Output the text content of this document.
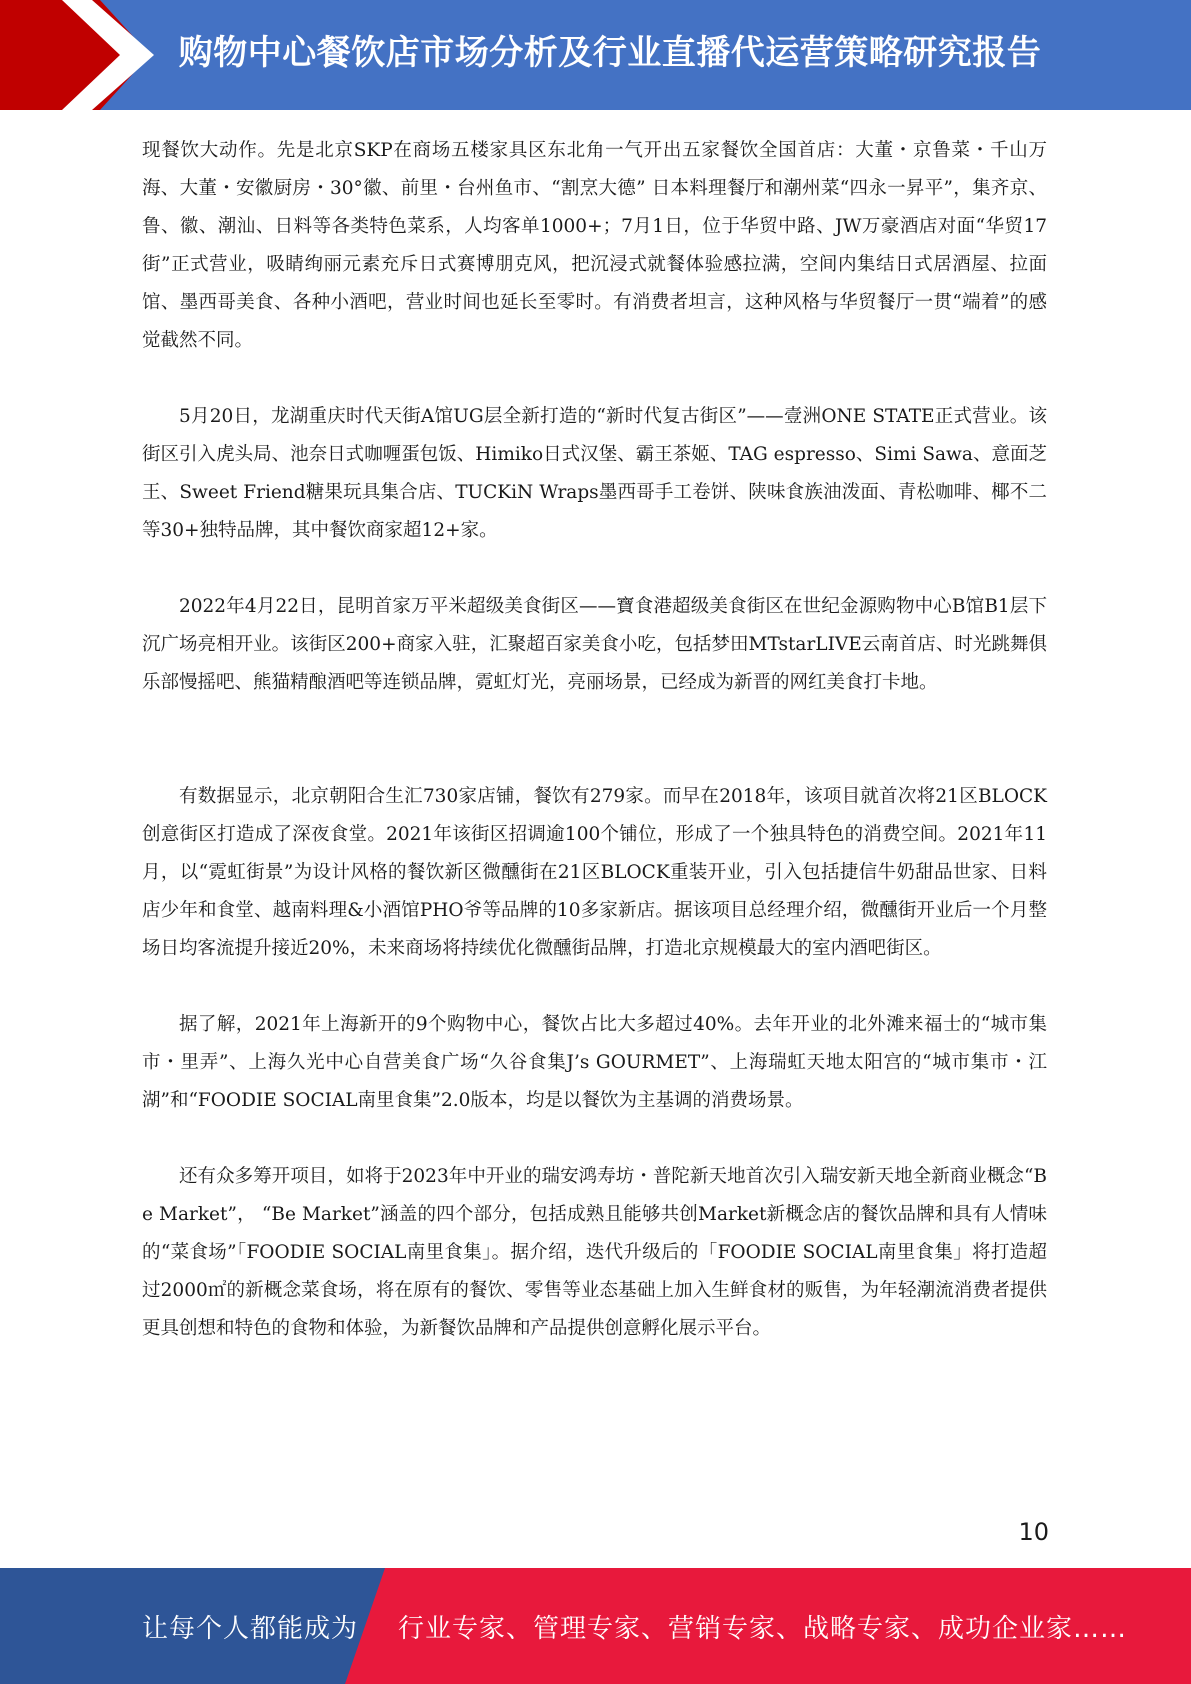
购物中心餐饮店市场分析及行业直播代运营策略研究报告

现餐饮大动作。先是北京SKP在商场五楼家具区东北角一气开出五家餐饮全国首店：大董・京鲁菜・千山万海、大董・安徽厨房・30°徽、前里・台州鱼市、“割烹大德” 日本料理餐厅和潮州菜“四永一昇平”，集齐京、鲁、徽、潮汕、日料等各类特色菜系，人均客单1000+；7月1日，位于华贸中路、JW万豪酒店对面“华贸17街”正式营业，吸睛绚丽元素充斥日式赛博朋克风，把沉浸式就餐体验感拉满，空间内集结日式居酒屋、拉面馆、墨西哥美食、各种小酒吧，营业时间也延长至零时。有消费者坦言，这种风格与华贸餐厅一贯“端着”的感觉截然不同。

5月20日，龙湖重庆时代天街A馆UG层全新打造的“新时代复古街区”——壹洲ONE STATE正式营业。该街区引入虎头局、池奈日式咖喱蛋包饭、Himiko日式汉堡、霸王茶姬、TAG espresso、Simi Sawa、意面芝王、Sweet Friend糖果玩具集合店、TUCKiN Wraps墨西哥手工卷饼、陕味食族油泼面、青松咖啡、椰不二等30+独特品牌，其中餐饮商家超12+家。

2022年4月22日，昆明首家万平米超级美食街区——寶食港超级美食街区在世纪金源购物中心B馆B1层下沉广场亮相开业。该街区200+商家入驻，汇聚超百家美食小吃，包括梦田MTstarLIVE云南首店、时光跳舞俱乐部慢摇吧、熊猫精酿酒吧等连锁品牌，霓虹灯光，亮丽场景，已经成为新晋的网红美食打卡地。

有数据显示，北京朝阳合生汇730家店铺，餐饮有279家。而早在2018年，该项目就首次将21区BLOCK创意街区打造成了深夜食堂。2021年该街区招调逾100个铺位，形成了一个独具特色的消费空间。2021年11月，以“霓虹街景”为设计风格的餐饮新区微醺街在21区BLOCK重装开业，引入包括捷信牛奶甜品世家、日料店少年和食堂、越南料理&小酒馆PHO爷等品牌的10多家新店。据该项目总经理介绍，微醺街开业后一个月整场日均客流提升接近20%，未来商场将持续优化微醺街品牌，打造北京规模最大的室内酒吧街区。

据了解，2021年上海新开的9个购物中心，餐饮占比大多超过40%。去年开业的北外滩来福士的“城市集市・里弄”、上海久光中心自营美食广场“久谷食集J’s GOURMET”、上海瑞虹天地太阳宫的“城市集市・江湖”和“FOODIE SOCIAL南里食集”2.0版本，均是以餐饮为主基调的消费场景。

还有众多筹开项目，如将于2023年中开业的瑞安鸿寿坊・普陀新天地首次引入瑞安新天地全新商业概念“Be Market”， “Be Market”涵盖的四个部分，包括成熟且能够共创Market新概念店的餐饮品牌和具有人情味的“菜食场”「FOODIE SOCIAL南里食集」。据介绍，迭代升级后的「FOODIE SOCIAL南里食集」将打造超过2000㎡的新概念菜食场，将在原有的餐饮、零售等业态基础上加入生鲜食材的贩售，为年轻潮流消费者提供更具创想和特色的食物和体验，为新餐饮品牌和产品提供创意孵化展示平台。

10

让每个人都能成为 行业专家、管理专家、营销专家、战略专家、成功企业家……
